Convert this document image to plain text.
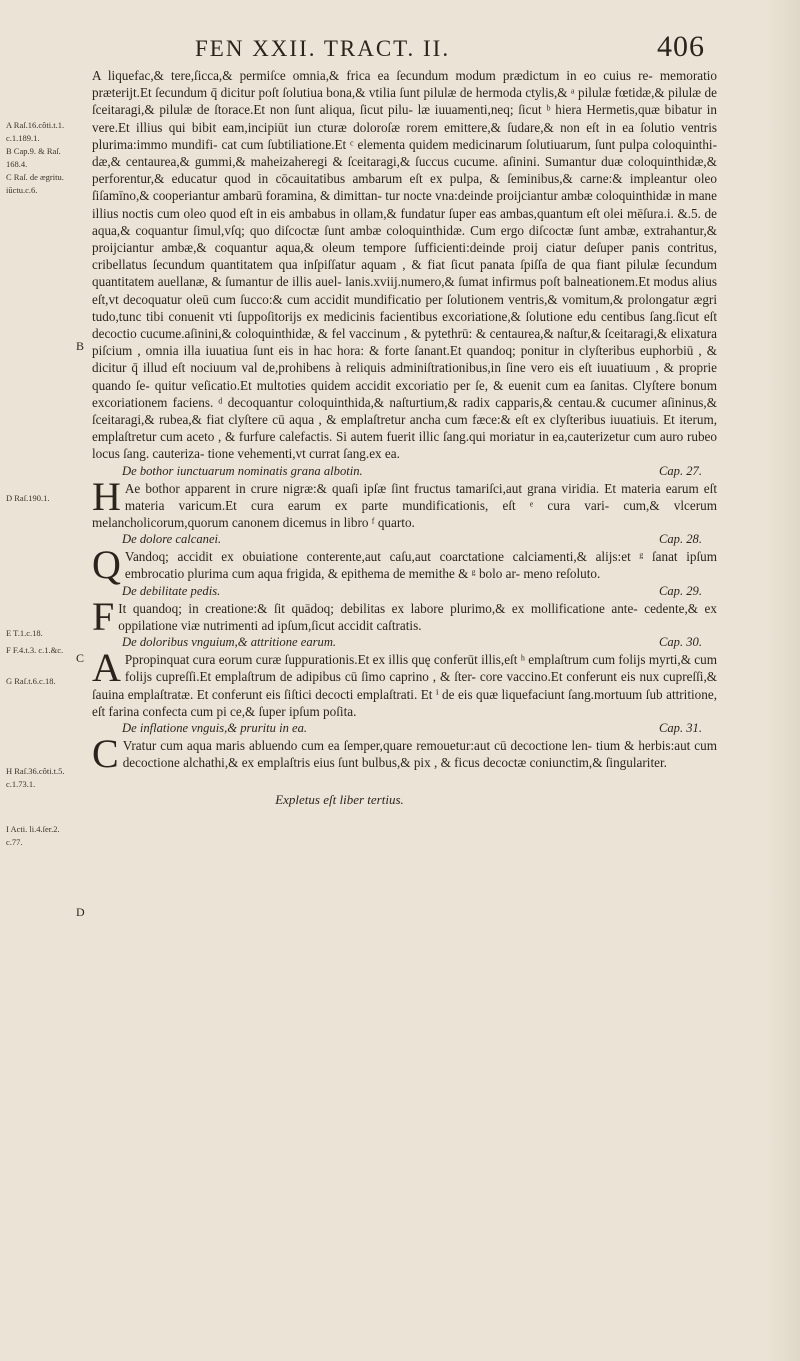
FEN XXII. TRACT. II.	406
A Raſ.16.côti.t.1.
c.1.189.1.
B Cap.9. & Raſ.
168.4.
C Raſ. de ægritu.
iūctu.c.6.
D Raſ.190.1.
E T.1.c.18.
F F.4.t.3. c.1.&c.
G Raſ.t.6.c.18.
H Raſ.36.côti.t.5.
c.1.73.1.
I Acti. li.4.ſer.2.
c.77.
B
C
D

A liquefac,& tere,ſicca,& permiſce omnia,& frica ea ſecundum modum prædictum in eo cuius re- memoratio præterijt.Et ſecundum q̄ dicitur poſt ſolutiua bona,& vtilia ſunt pilulæ de hermoda ctylis,& ᵃ pilulæ fœtidæ,& pilulæ de ſceitaragi,& pilulæ de ſtorace.Et non ſunt aliqua, ſicut pilu- læ iuuamenti,neq; ſicut ᵇ hiera Hermetis,quæ bibatur in vere.Et illius qui bibit eam,incipiūt iun cturæ doloroſæ rorem emittere,& ſudare,& non eſt in ea ſolutio ventris plurima:immo mundifi- cat cum ſubtiliatione.Et ᶜ elementa quidem medicinarum ſolutiuarum, ſunt pulpa coloquinthi- dæ,& centaurea,& gummi,& maheizaheregi & ſceitaragi,& ſuccus cucume. aſinini. Sumantur duæ coloquinthidæ,& perforentur,& educatur quod in cōcauitatibus ambarum eſt ex pulpa, & ſeminibus,& carne:& impleantur oleo ſiſamīno,& cooperiantur ambarū foramina, & dimittan- tur nocte vna:deinde proijciantur ambæ coloquinthidæ in mane illius noctis cum oleo quod eſt in eis ambabus in ollam,& fundatur ſuper eas ambas,quantum eſt olei mēſura.i. &.5. de aqua,& coquantur ſimul,vſq; quo diſcoctæ ſunt ambæ coloquinthidæ. Cum ergo diſcoctæ ſunt ambæ, extrahantur,& proijciantur ambæ,& coquantur aqua,& oleum tempore ſufficienti:deinde proij ciatur deſuper panis contritus, cribellatus ſecundum quantitatem qua inſpiſſatur aquam , & fiat ſicut panata ſpiſſa de qua fiant pilulæ ſecundum quantitatem auellanæ, & ſumantur de illis auel- lanis.xviij.numero,& ſumat infirmus poſt balneationem.Et modus alius eſt,vt decoquatur oleū cum ſucco:& cum accidit mundificatio per ſolutionem ventris,& vomitum,& prolongatur ægri tudo,tunc tibi conuenit vti ſuppoſitorijs ex medicinis facientibus excoriatione,& ſolutione edu centibus ſang.ſicut eſt decoctio cucume.aſinini,& coloquinthidæ, & fel vaccinum , & pytethrū: & centaurea,& naſtur,& ſceitaragi,& elixatura piſcium , omnia illa iuuatiua ſunt eis in hac hora: & forte ſanant.Et quandoq; ponitur in clyſteribus euphorbiū , & dicitur q̄ illud eſt nociuum val de,prohibens à reliquis adminiſtrationibus,in ſine vero eis eſt iuuatiuum , & proprie quando ſe- quitur veſicatio.Et multoties quidem accidit excoriatio per ſe, & euenit cum ea ſanitas. Clyſtere bonum excoriationem faciens. ᵈ decoquantur coloquinthida,& naſturtium,& radix capparis,& centau.& cucumer aſininus,& ſceitaragi,& rubea,& fiat clyſtere cū aqua , & emplaſtretur ancha cum fæce:& eſt ex clyſteribus iuuatiuis. Et iterum, emplaſtretur cum aceto , & furfure calefactis. Si autem fuerit illic ſang.qui moriatur in ea,cauterizetur cum auro rubeo locus ſang. cauteriza- tione vehementi,vt currat ſang.ex ea.

De bothor iunctuarum nominatis grana albotin.	Cap. 27.

H Ae bothor apparent in crure nigræ:& quaſi ipſæ ſint fructus tamariſci,aut grana viridia. Et materia earum eſt materia varicum.Et cura earum ex parte mundificationis, eſt ᵉ cura vari- cum,& vlcerum melancholicorum,quorum canonem dicemus in libro ᶠ quarto.

De dolore calcanei.	Cap. 28.

Q Vandoq; accidit ex obuiatione conterente,aut caſu,aut coarctatione calciamenti,& alijs:et ᵍ ſanat ipſum embrocatio plurima cum aqua frigida, & epithema de memithe & ᵍ bolo ar- meno reſoluto.

De debilitate pedis.	Cap. 29.

F It quandoq; in creatione:& ſit quādoq; debilitas ex labore plurimo,& ex mollificatione ante- cedente,& ex oppilatione viæ nutrimenti ad ipſum,ſicut accidit caſtratis.

De doloribus vnguium,& attritione earum.	Cap. 30.

A Ppropinquat cura eorum curæ ſuppurationis.Et ex illis quę conferūt illis,eſt ʰ emplaſtrum cum folijs myrti,& cum folijs cupreſſi.Et emplaſtrum de adipibus cū ſimo caprino , & ſter- core vaccino.Et conferunt eis nux cupreſſi,& ſauina emplaſtratæ. Et conferunt eis ſiſtici decocti emplaſtrati. Et ⁱ de eis quæ liquefaciunt ſang.mortuum ſub attritione, eſt farina confecta cum pi ce,& ſuper ipſum poſita.

De inflatione vnguis,& pruritu in ea.	Cap. 31.

C Vratur cum aqua maris abluendo cum ea ſemper,quare remouetur:aut cū decoctione len- tium & herbis:aut cum decoctione alchathi,& ex emplaſtris eius ſunt bulbus,& pix , & ficus decoctæ coniunctim,& ſingulariter.

Expletus eſt liber tertius.
